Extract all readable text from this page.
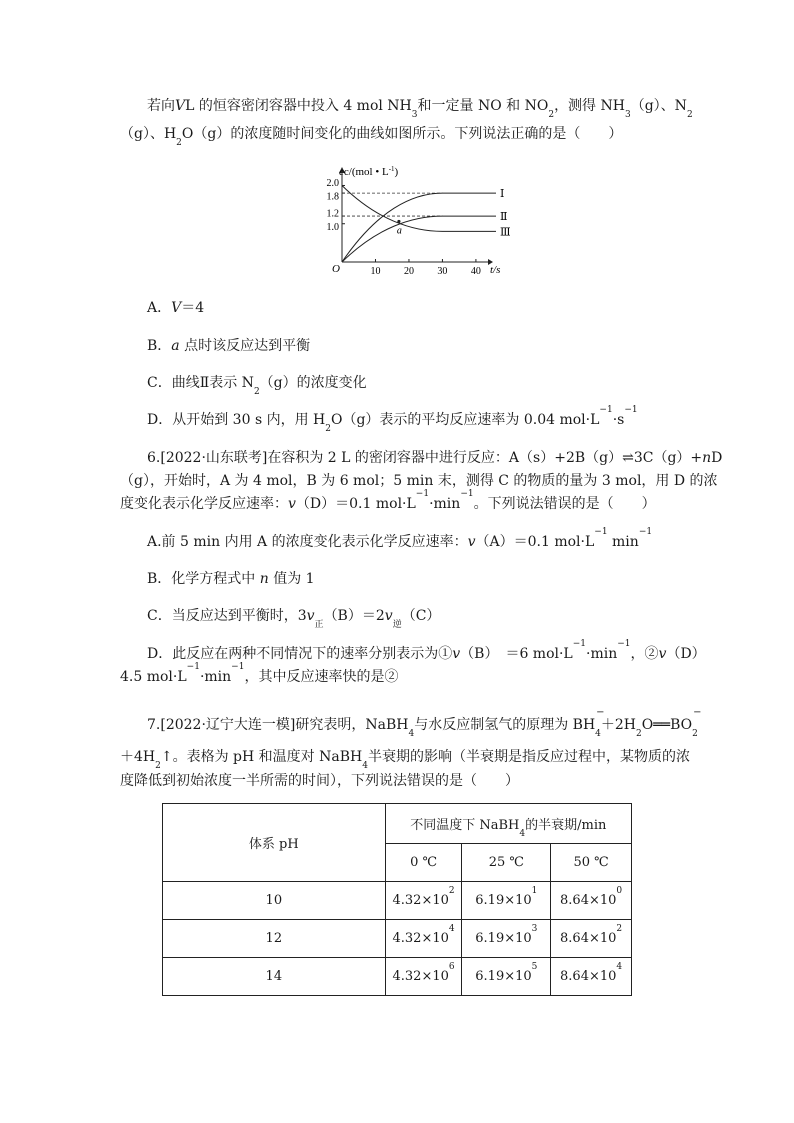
若向VL 的恒容密闭容器中投入 4 mol $NH_3$和一定量 NO 和 $NO_2$，测得 $NH_3(g)$、$N_2$
（g）、$H_2O(g)$的浓度随时间变化的曲线如图所示。下列说法正确的是（　　）
10 20 30 40
1.0
1.2
1.8
2.0
Ⅰ
Ⅱ
Ⅲ
a
cc/(mol • $L^{-1}$)
t/s
O
A．V＝4
B．a 点时该反应达到平衡
C．曲线Ⅱ表示 $N_2(g)$的浓度变化
D．从开始到 30 s 内，用 $H_2O(g)$表示的平均反应速率为 0.04 $mol\cdot L^{-1}\cdot s^{-1}$
6.[2022·山东联考]在容积为 2 L 的密闭容器中进行反应：A（s）+2B（g）⇌3C（g）+nD
（g），开始时，A 为 4 mol，B 为 6 mol；5 min 末，测得 C 的物质的量为 3 mol，用 D 的浓
度变化表示化学反应速率：v（D）＝0.1 $mol\cdot L^{-1}\cdot\min^{-1}$。下列说法错误的是（　　）
A.前 5 min 内用 A 的浓度变化表示化学反应速率：v（A）＝0.1 $mol\cdot L^{-1}$ $\min^{-1}$
B．化学方程式中 n 值为 1
C．当反应达到平衡时，$3v_正(B)=2v_逆(C)$
D．此反应在两种不同情况下的速率分别表示为①v（B）　＝6 $mol\cdot L^{-1}\cdot\min^{-1}$，②v（D）
4.5 $mol\cdot L^{-1}\cdot\min^{-1}$，其中反应速率快的是②
7.[2022·辽宁大连一模]研究表明，NaBH$_4$与水反应制氢气的原理为 $BH_4$
−
$+2H_2O══BO_2$
−
$+4H_2↑$。表格为 pH 和温度对 NaBH$_4$半衰期的影响（半衰期是指反应过程中，某物质的浓
度降低到初始浓度一半所需的时间），下列说法错误的是（　　）
体系 pH	不同温度下 NaBH$_4$的半衰期/min		
	0 ℃	25 ℃	50 ℃
10	$4.32\times 10^2$	$6.19\times 10^1$	$8.64\times 10^0$
12	$4.32\times 10^4$	$6.19\times 10^3$	$8.64\times 10^2$
14	$4.32\times 10^6$	$6.19\times 10^5$	$8.64\times 10^4$
